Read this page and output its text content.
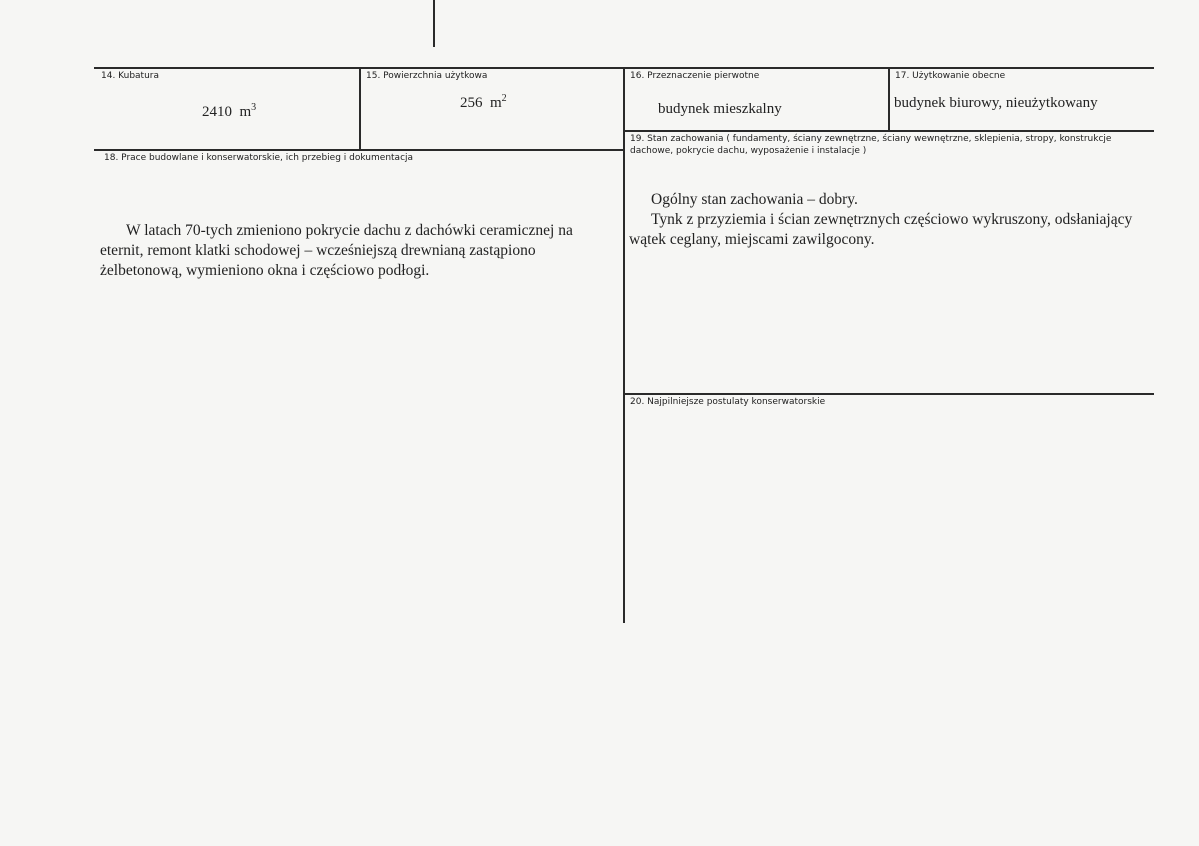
14. Kubatura
2410 $m^3$
15. Powierzchnia użytkowa
256 $m^2$
16. Przeznaczenie pierwotne
budynek mieszkalny
17. Użytkowanie obecne
budynek biurowy, nieużytkowany
18. Prace budowlane i konserwatorskie, ich przebieg i dokumentacja

W latach 70-tych zmieniono pokrycie dachu z dachówki ceramicznej na eternit, remont klatki schodowej – wcześniejszą drewnianą zastąpiono żelbetonową, wymieniono okna i częściowo podłogi.

19. Stan zachowania ( fundamenty, ściany zewnętrzne, ściany wewnętrzne, sklepienia, stropy, konstrukcje dachowe, pokrycie dachu, wyposażenie i instalacje )

Ogólny stan zachowania – dobry.

Tynk z przyziemia i ścian zewnętrznych częściowo wykruszony, odsłaniający wątek ceglany, miejscami zawilgocony.

20. Najpilniejsze postulaty konserwatorskie
